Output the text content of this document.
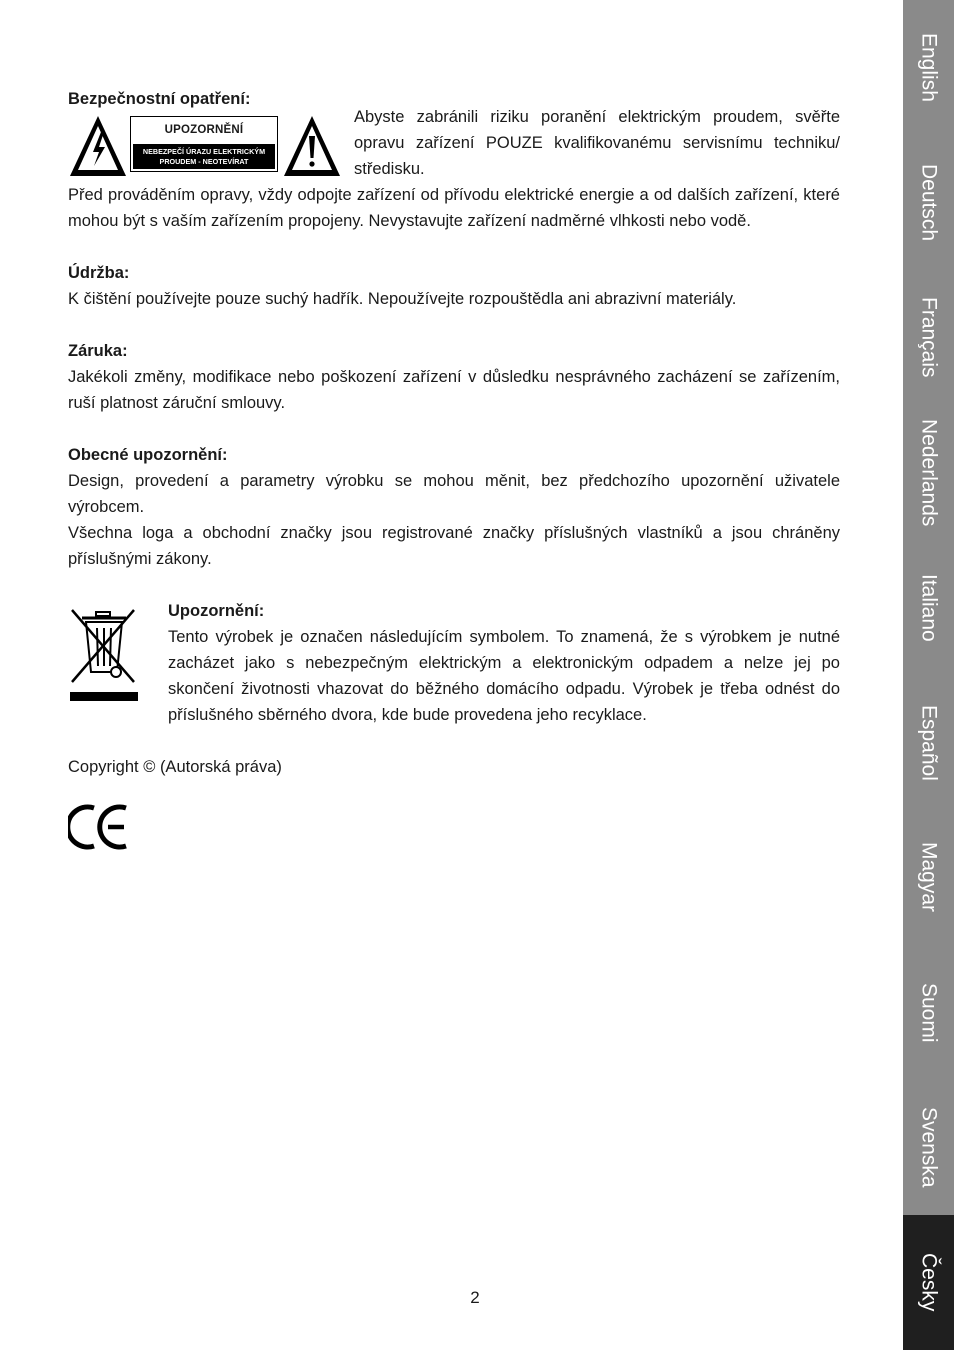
Bezpečnostní opatření:

UPOZORNĚNÍ
NEBEZPEČÍ ÚRAZU ELEKTRICKÝM
PROUDEM - NEOTEVÍRAT

Abyste zabránili riziku poranění elektrickým proudem, svěřte opravu zařízení POUZE kvalifikovanému servisnímu techniku/ středisku.

Před prováděním opravy, vždy odpojte zařízení od přívodu elektrické energie a od dalších zařízení, které mohou být s vaším zařízením propojeny. Nevystavujte zařízení nadměrné vlhkosti nebo vodě.

Údržba:

K čištění používejte pouze suchý hadřík. Nepoužívejte rozpouštědla ani abrazivní materiály.

Záruka:

Jakékoli změny, modifikace nebo poškození zařízení v důsledku nesprávného zacházení se zařízením, ruší platnost záruční smlouvy.

Obecné upozornění:

Design, provedení a parametry výrobku se mohou měnit, bez předchozího upozornění uživatele výrobcem.

Všechna loga a obchodní značky jsou registrované značky příslušných vlastníků a jsou chráněny příslušnými zákony.

Upozornění:

Tento výrobek je označen následujícím symbolem. To znamená, že s výrobkem je nutné zacházet jako s nebezpečným elektrickým a elektronickým odpadem a nelze jej po skončení životnosti vhazovat do běžného domácího odpadu. Výrobek je třeba odnést do příslušného sběrného dvora, kde bude provedena jeho recyklace.

Copyright © (Autorská práva)

2
English
Deutsch
Français
Nederlands
Italiano
Español
Magyar
Suomi
Svenska
Česky
